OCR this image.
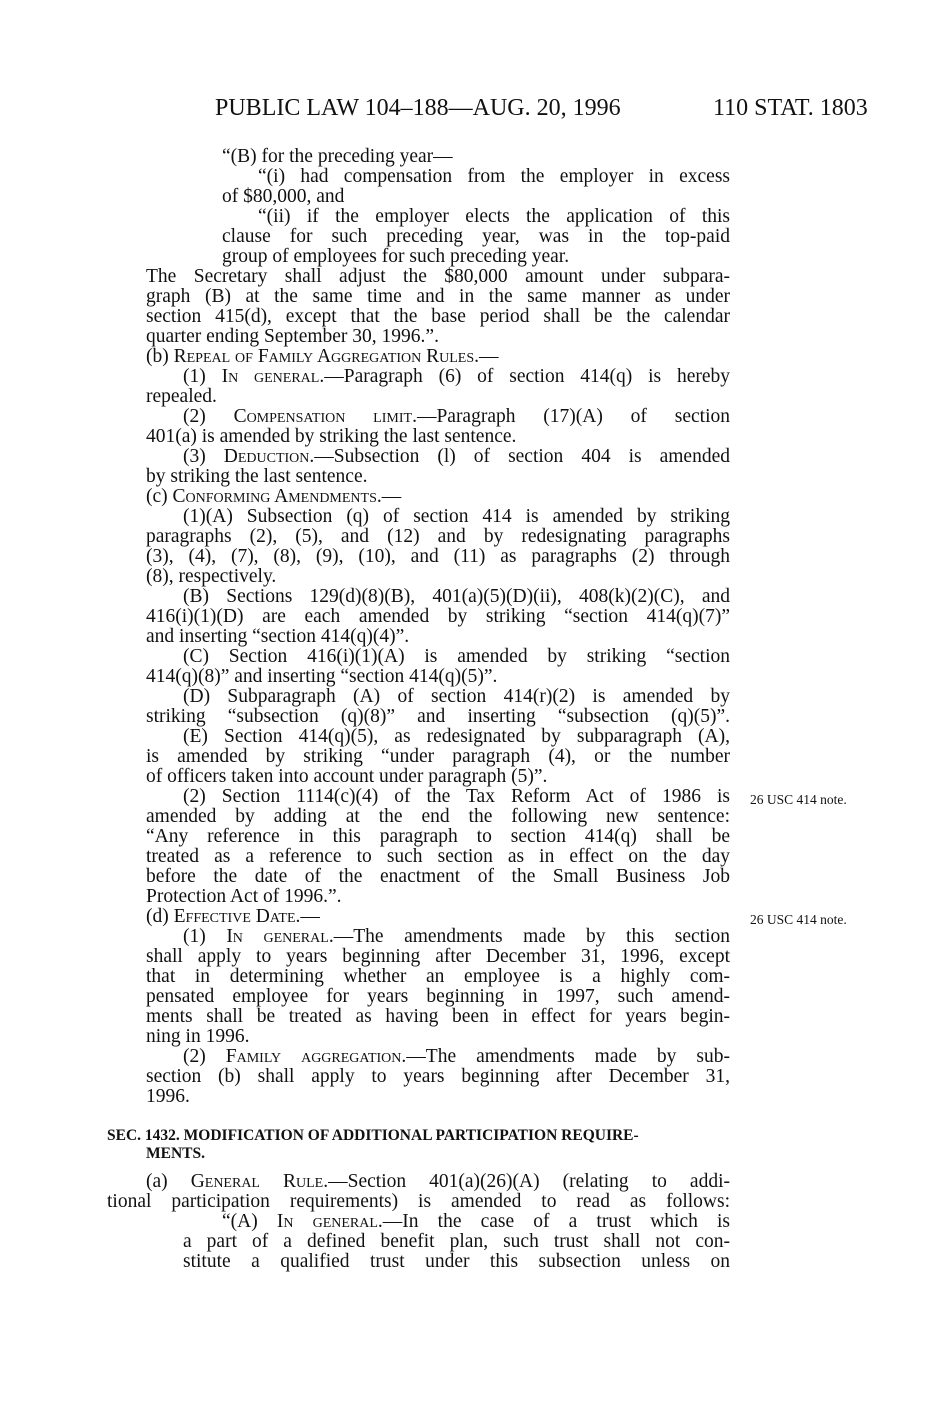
PUBLIC LAW 104–188—AUG. 20, 1996	110 STAT. 1803
“(B) for the preceding year—
“(i) had compensation from the employer in excess
of $80,000, and
“(ii) if the employer elects the application of this
clause for such preceding year, was in the top-paid
group of employees for such preceding year.
The Secretary shall adjust the $80,000 amount under subpara-
graph (B) at the same time and in the same manner as under
section 415(d), except that the base period shall be the calendar
quarter ending September 30, 1996.”.
(b) Repeal of Family Aggregation Rules.—
(1) In general.—Paragraph (6) of section 414(q) is hereby
repealed.
(2) Compensation limit.—Paragraph (17)(A) of section
401(a) is amended by striking the last sentence.
(3) Deduction.—Subsection (l) of section 404 is amended
by striking the last sentence.
(c) Conforming Amendments.—
(1)(A) Subsection (q) of section 414 is amended by striking
paragraphs (2), (5), and (12) and by redesignating paragraphs
(3), (4), (7), (8), (9), (10), and (11) as paragraphs (2) through
(8), respectively.
(B) Sections 129(d)(8)(B), 401(a)(5)(D)(ii), 408(k)(2)(C), and
416(i)(1)(D) are each amended by striking “section 414(q)(7)”
and inserting “section 414(q)(4)”.
(C) Section 416(i)(1)(A) is amended by striking “section
414(q)(8)” and inserting “section 414(q)(5)”.
(D) Subparagraph (A) of section 414(r)(2) is amended by
striking “subsection (q)(8)” and inserting “subsection (q)(5)”.
(E) Section 414(q)(5), as redesignated by subparagraph (A),
is amended by striking “under paragraph (4), or the number
of officers taken into account under paragraph (5)”.
(2) Section 1114(c)(4) of the Tax Reform Act of 1986 is 26 USC 414 note.
amended by adding at the end the following new sentence:
“Any reference in this paragraph to section 414(q) shall be
treated as a reference to such section as in effect on the day
before the date of the enactment of the Small Business Job
Protection Act of 1996.”.
(d) Effective Date.—	26 USC 414 note.
(1) In general.—The amendments made by this section
shall apply to years beginning after December 31, 1996, except
that in determining whether an employee is a highly com-
pensated employee for years beginning in 1997, such amend-
ments shall be treated as having been in effect for years begin-
ning in 1996.
(2) Family aggregation.—The amendments made by sub-
section (b) shall apply to years beginning after December 31,
1996.
SEC. 1432. MODIFICATION OF ADDITIONAL PARTICIPATION REQUIRE-
MENTS.
(a) General Rule.—Section 401(a)(26)(A) (relating to addi-
tional participation requirements) is amended to read as follows:
“(A) In general.—In the case of a trust which is
a part of a defined benefit plan, such trust shall not con-
stitute a qualified trust under this subsection unless on
